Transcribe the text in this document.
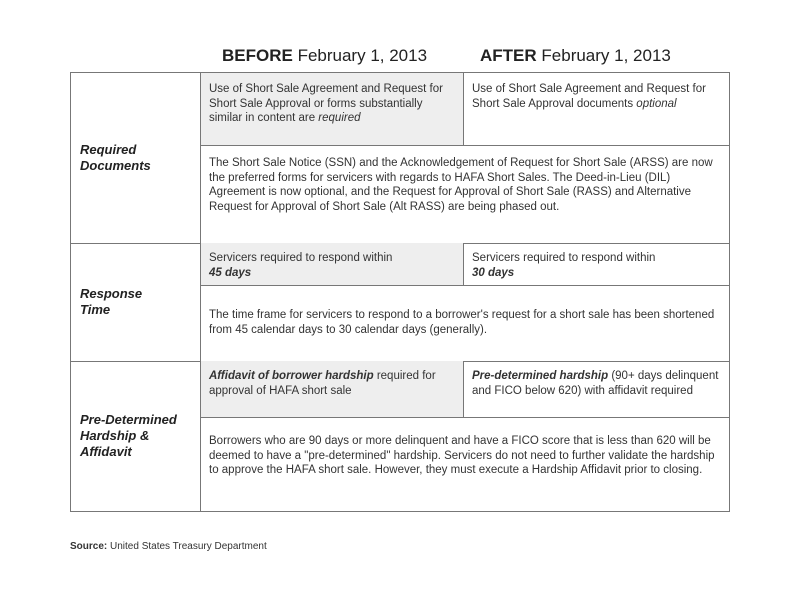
BEFORE February 1, 2013	AFTER February 1, 2013
Required
Documents
Use of Short Sale Agreement and Request for Short Sale Approval or forms substantially similar in content are required
Use of Short Sale Agreement and Request for Short Sale Approval documents optional
The Short Sale Notice (SSN) and the Acknowledgement of Request for Short Sale (ARSS) are now the preferred forms for servicers with regards to HAFA Short Sales. The Deed-in-Lieu (DIL) Agreement is now optional, and the Request for Approval of Short Sale (RASS) and Alternative Request for Approval of Short Sale (Alt RASS) are being phased out.
Response
Time
Servicers required to respond within
45 days
Servicers required to respond within
30 days
The time frame for servicers to respond to a borrower's request for a short sale has been shortened from 45 calendar days to 30 calendar days (generally).
Pre-Determined
Hardship &
Affidavit
Affidavit of borrower hardship required for approval of HAFA short sale
Pre-determined hardship (90+ days delinquent and FICO below 620) with affidavit required
Borrowers who are 90 days or more delinquent and have a FICO score that is less than 620 will be deemed to have a "pre-determined" hardship. Servicers do not need to further validate the hardship to approve the HAFA short sale. However, they must execute a Hardship Affidavit prior to closing.
Source: United States Treasury Department
